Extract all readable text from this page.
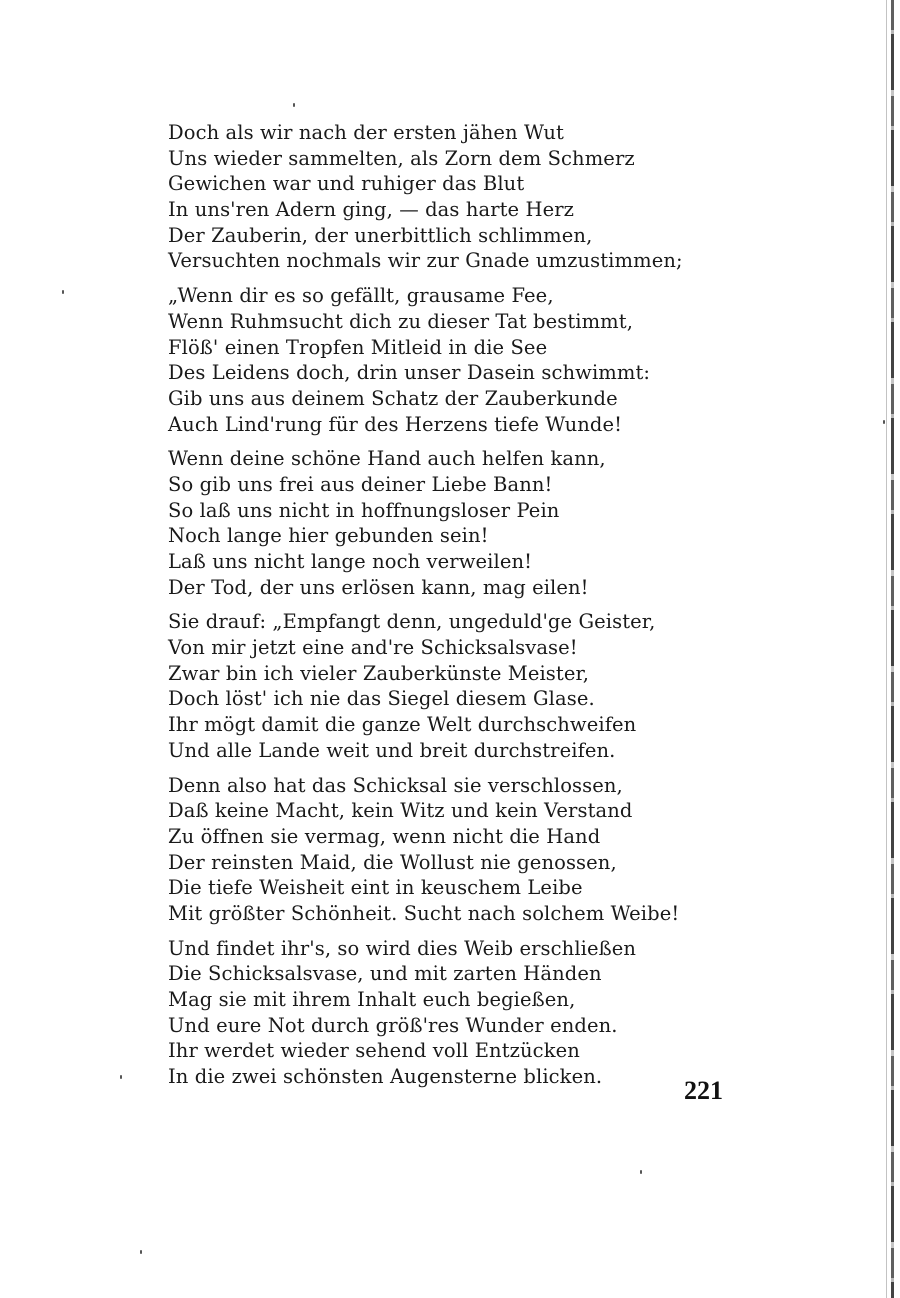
Doch als wir nach der ersten jähen Wut
Uns wieder sammelten, als Zorn dem Schmerz
Gewichen war und ruhiger das Blut
In uns'ren Adern ging, — das harte Herz
Der Zauberin, der unerbittlich schlimmen,
Versuchten nochmals wir zur Gnade umzustimmen;
„Wenn dir es so gefällt, grausame Fee,
Wenn Ruhmsucht dich zu dieser Tat bestimmt,
Flöß' einen Tropfen Mitleid in die See
Des Leidens doch, drin unser Dasein schwimmt:
Gib uns aus deinem Schatz der Zauberkunde
Auch Lind'rung für des Herzens tiefe Wunde!
Wenn deine schöne Hand auch helfen kann,
So gib uns frei aus deiner Liebe Bann!
So laß uns nicht in hoffnungsloser Pein
Noch lange hier gebunden sein!
Laß uns nicht lange noch verweilen!
Der Tod, der uns erlösen kann, mag eilen!
Sie drauf: „Empfangt denn, ungeduld'ge Geister,
Von mir jetzt eine and're Schicksalsvase!
Zwar bin ich vieler Zauberkünste Meister,
Doch löst' ich nie das Siegel diesem Glase.
Ihr mögt damit die ganze Welt durchschweifen
Und alle Lande weit und breit durchstreifen.
Denn also hat das Schicksal sie verschlossen,
Daß keine Macht, kein Witz und kein Verstand
Zu öffnen sie vermag, wenn nicht die Hand
Der reinsten Maid, die Wollust nie genossen,
Die tiefe Weisheit eint in keuschem Leibe
Mit größter Schönheit. Sucht nach solchem Weibe!
Und findet ihr's, so wird dies Weib erschließen
Die Schicksalsvase, und mit zarten Händen
Mag sie mit ihrem Inhalt euch begießen,
Und eure Not durch größ'res Wunder enden.
Ihr werdet wieder sehend voll Entzücken
In die zwei schönsten Augensterne blicken.	221
